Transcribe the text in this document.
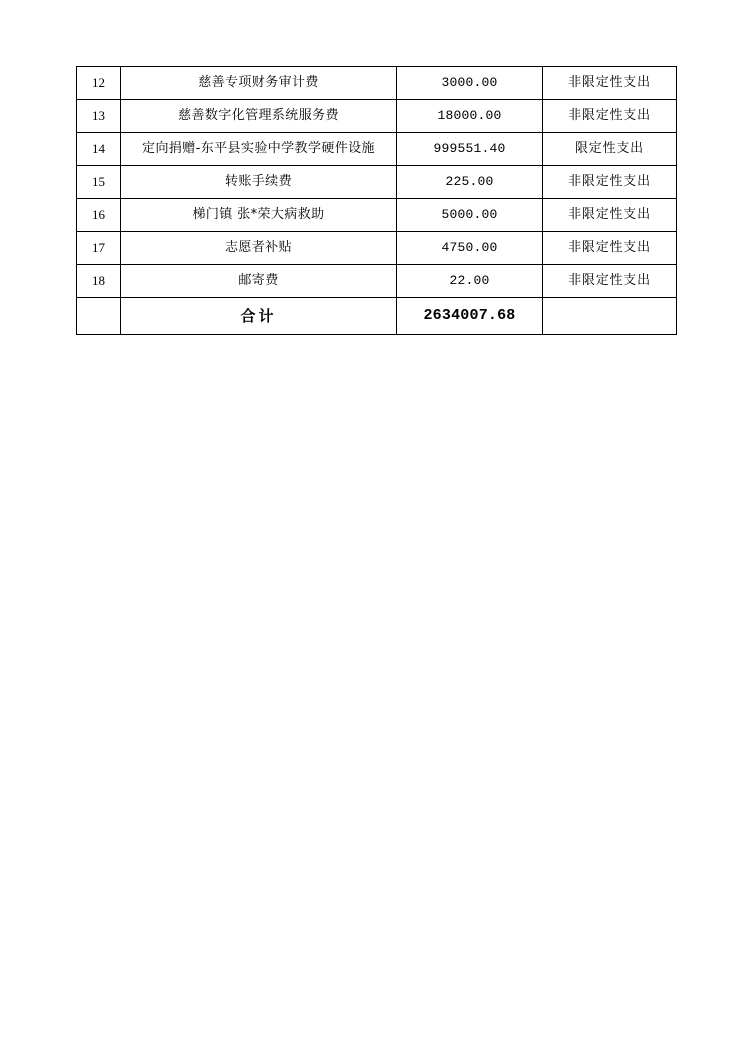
12	慈善专项财务审计费	3000.00	非限定性支出
13	慈善数字化管理系统服务费	18000.00	非限定性支出
14	定向捐赠-东平县实验中学教学硬件设施	999551.40	限定性支出
15	转账手续费	225.00	非限定性支出
16	梯门镇 张*荣大病救助	5000.00	非限定性支出
17	志愿者补贴	4750.00	非限定性支出
18	邮寄费	22.00	非限定性支出
	合计	2634007.68	
